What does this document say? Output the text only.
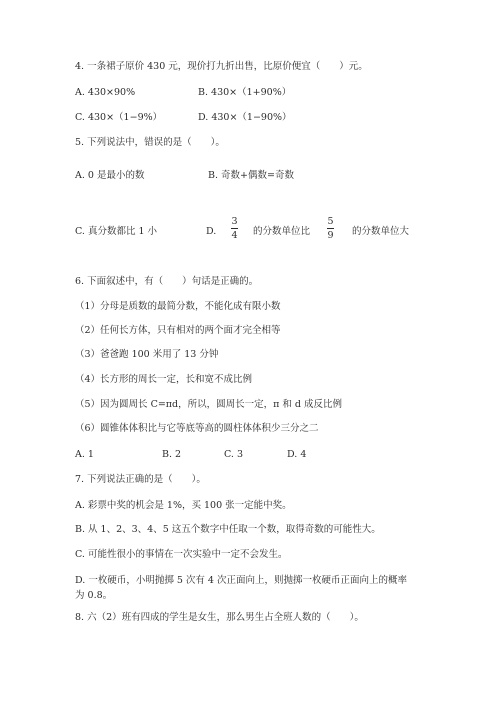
4. 一条裙子原价 430 元，现价打九折出售，比原价便宜（　　）元。
A. 430×90%	B. 430×（1+90%）
C. 430×（1−9%）	D. 430×（1−90%）
5. 下列说法中，错误的是（　　）。
A. 0 是最小的数	B. 奇数+偶数=奇数
C. 真分数都比 1 小	D.
3
4 的分数单位比
5
9 的分数单位大
6. 下面叙述中，有（　　）句话是正确的。
（1）分母是质数的最简分数，不能化成有限小数
（2）任何长方体，只有相对的两个面才完全相等
（3）爸爸跑 100 米用了 13 分钟
（4）长方形的周长一定，长和宽不成比例
（5）因为圆周长 C=πd，所以，圆周长一定，π 和 d 成反比例
（6）圆锥体体积比与它等底等高的圆柱体体积少三分之二
A. 1	B. 2	C. 3	D. 4
7. 下列说法正确的是（　　）。
A. 彩票中奖的机会是 1%，买 100 张一定能中奖。
B. 从 1、2、3、4、5 这五个数字中任取一个数，取得奇数的可能性大。
C. 可能性很小的事情在一次实验中一定不会发生。
D. 一枚硬币，小明抛掷 5 次有 4 次正面向上，则抛掷一枚硬币正面向上的概率
为 0.8。
8. 六（2）班有四成的学生是女生，那么男生占全班人数的（　　）。
